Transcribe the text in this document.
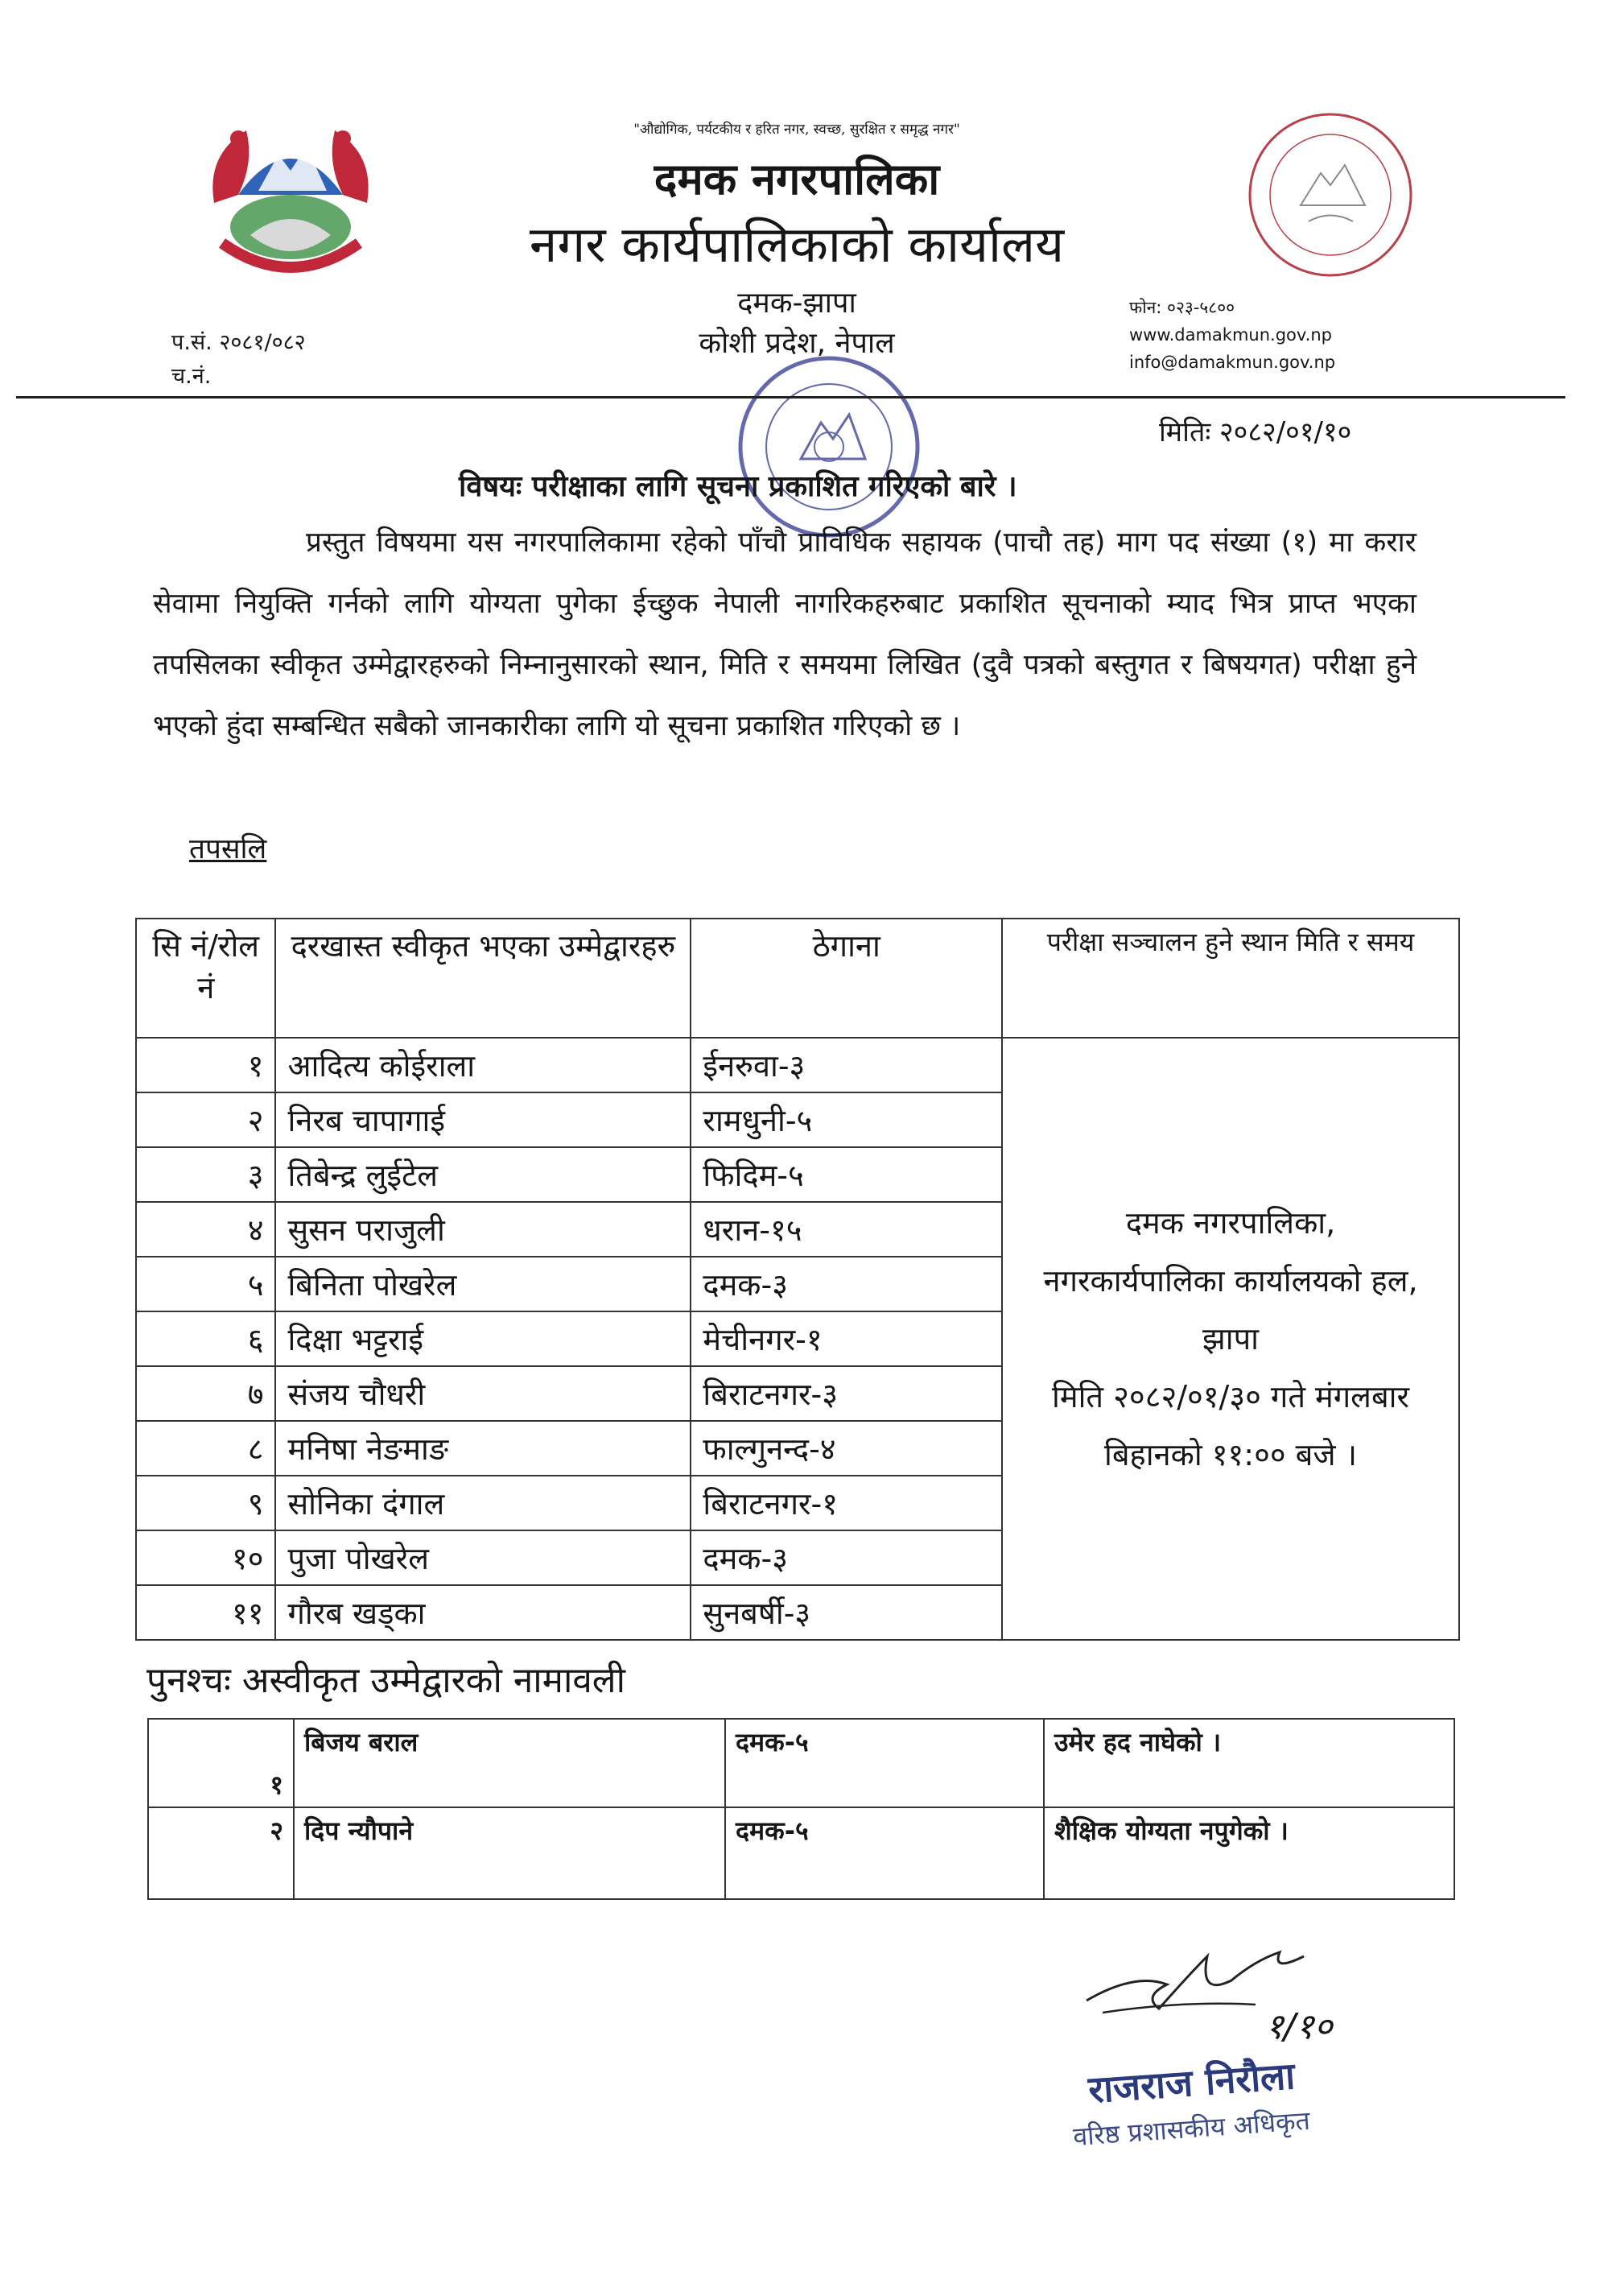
"औद्योगिक, पर्यटकीय र हरित नगर, स्वच्छ, सुरक्षित र समृद्ध नगर"
दमक नगरपालिका
नगर कार्यपालिकाको कार्यालय
दमक-झापा
कोशी प्रदेश, नेपाल
प.सं. २०८१/०८२
च.नं.
फोन: ०२३-५८००
www.damakmun.gov.np
info@damakmun.gov.np
मितिः २०८२/०१/१०
विषयः परीक्षाका लागि सूचना प्रकाशित गरिएको बारे ।
प्रस्तुत विषयमा यस नगरपालिकामा रहेको पाँचौ प्राविधिक सहायक (पाचौ तह) माग पद संख्या (१) मा करार सेवामा नियुक्ति गर्नको लागि योग्यता पुगेका ईच्छुक नेपाली नागरिकहरुबाट प्रकाशित सूचनाको म्याद भित्र प्राप्त भएका तपसिलका स्वीकृत उम्मेद्वारहरुको निम्नानुसारको स्थान, मिति र समयमा लिखित (दुवै पत्रको बस्तुगत र बिषयगत) परीक्षा हुने भएको हुंदा सम्बन्धित सबैको जानकारीका लागि यो सूचना प्रकाशित गरिएको छ ।
तपसलि
सि नं/रोल नं	दरखास्त स्वीकृत भएका उम्मेद्वारहरु	ठेगाना	परीक्षा सञ्चालन हुने स्थान मिति र समय
१	आदित्य कोईराला	ईनरुवा-३	दमक नगरपालिका,
नगरकार्यपालिका कार्यालयको हल,
झापा
मिति २०८२/०१/३० गते मंगलबार
बिहानको ११:०० बजे ।

२	निरब चापागाई	रामधुनी-५	
३	तिबेन्द्र लुईटेल	फिदिम-५	
४	सुसन पराजुली	धरान-१५	
५	बिनिता पोखरेल	दमक-३	
६	दिक्षा भट्टराई	मेचीनगर-१	
७	संजय चौधरी	बिराटनगर-३	
८	मनिषा नेङमाङ	फाल्गुनन्द-४	
९	सोनिका दंगाल	बिराटनगर-१	
१०	पुजा पोखरेल	दमक-३	
११	गौरब खड्का	सुनबर्षी-३	
पुनश्चः अस्वीकृत उम्मेद्वारको नामावली
१	बिजय बराल	दमक-५	उमेर हद नाघेको ।
२	दिप न्यौपाने	दमक-५	शैक्षिक योग्यता नपुगेको ।
१/१०
राजराज निरौला
वरिष्ठ प्रशासकीय अधिकृत
